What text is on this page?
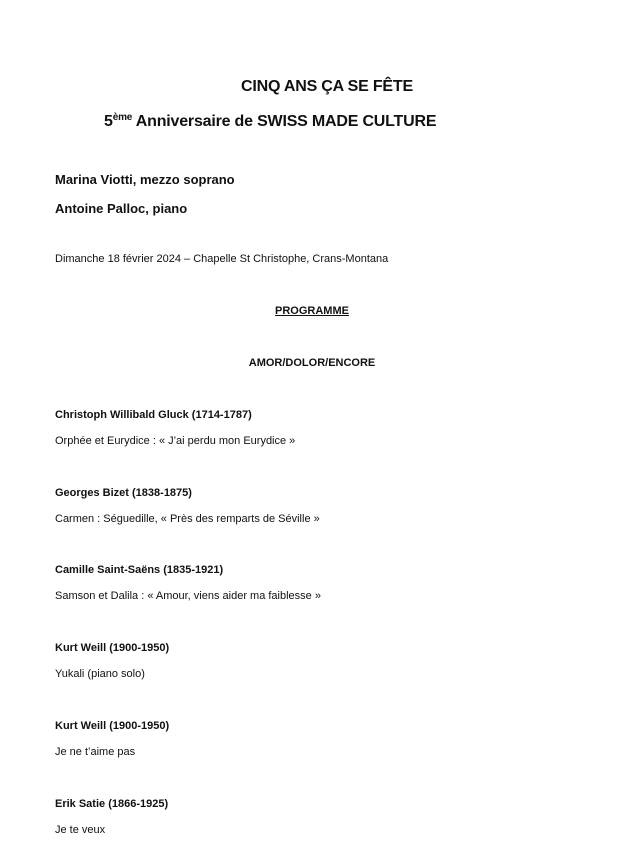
CINQ ANS ÇA SE FÊTE
5ème Anniversaire de SWISS MADE CULTURE
Marina Viotti, mezzo soprano
Antoine Palloc, piano
Dimanche 18 février 2024 – Chapelle St Christophe, Crans-Montana
PROGRAMME
AMOR/DOLOR/ENCORE
Christoph Willibald Gluck (1714-1787)
Orphée et Eurydice : « J’ai perdu mon Eurydice »
Georges Bizet (1838-1875)
Carmen : Séguedille, « Près des remparts de Séville »
Camille Saint-Saëns (1835-1921)
Samson et Dalila : « Amour, viens aider ma faiblesse »
Kurt Weill (1900-1950)
Yukali (piano solo)
Kurt Weill (1900-1950)
Je ne t’aime pas
Erik Satie (1866-1925)
Je te veux
